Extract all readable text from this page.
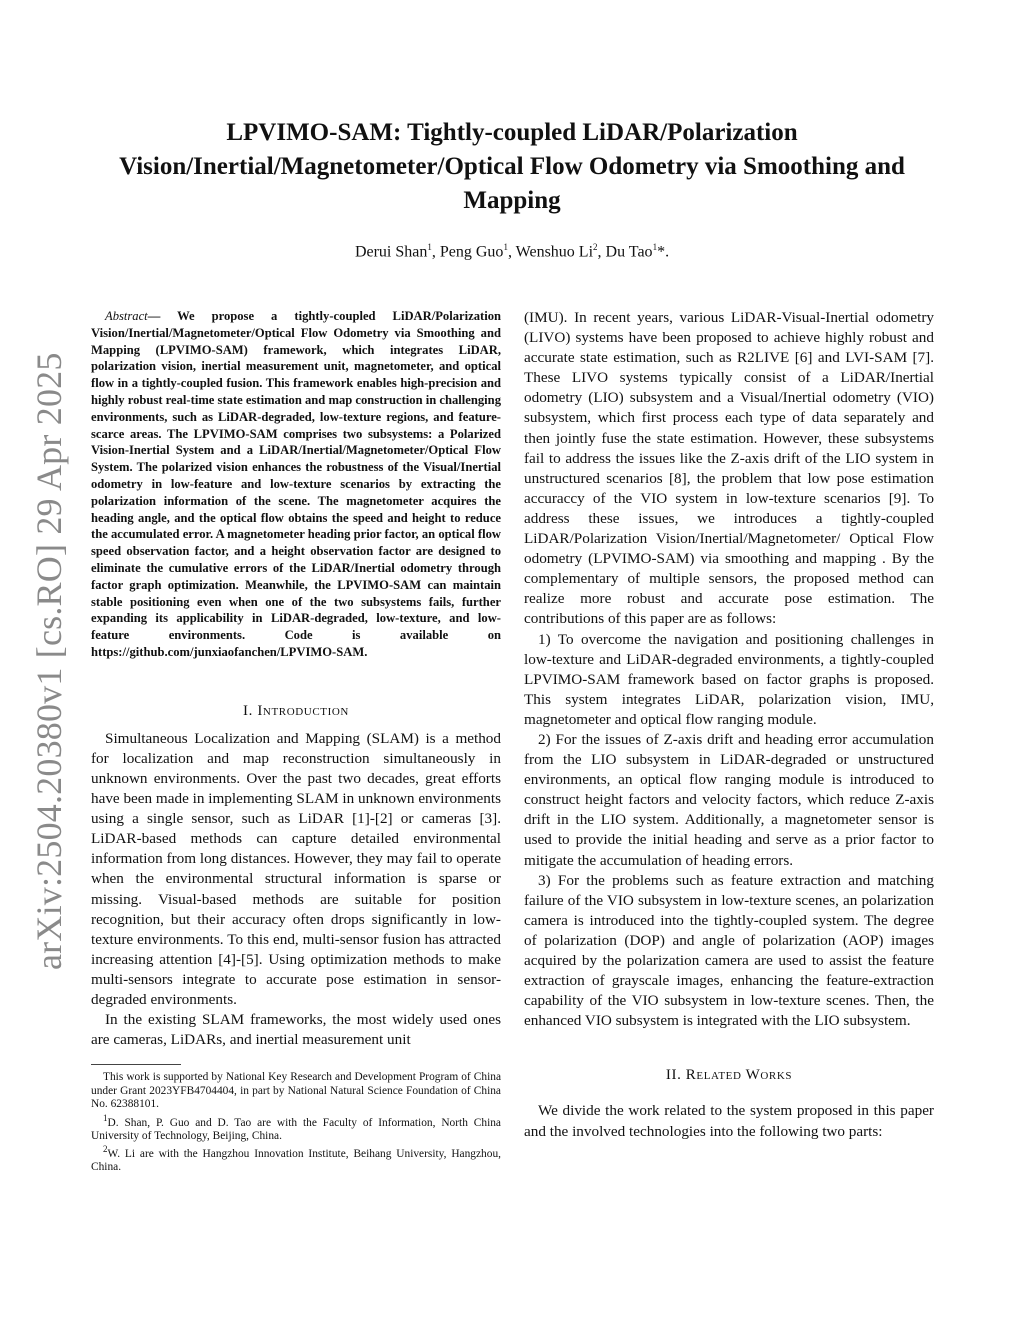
arXiv:2504.20380v1 [cs.RO] 29 Apr 2025
LPVIMO-SAM: Tightly-coupled LiDAR/Polarization Vision/Inertial/Magnetometer/Optical Flow Odometry via Smoothing and Mapping
Derui Shan$^1$, Peng Guo$^1$, Wenshuo Li$^2$, Du Tao$^1$*.

Abstract— We propose a tightly-coupled LiDAR/Polarization Vision/Inertial/Magnetometer/Optical Flow Odometry via Smoothing and Mapping (LPVIMO-SAM) framework, which integrates LiDAR, polarization vision, inertial measurement unit, magnetometer, and optical flow in a tightly-coupled fusion. This framework enables high-precision and highly robust real-time state estimation and map construction in challenging environments, such as LiDAR-degraded, low-texture regions, and feature-scarce areas. The LPVIMO-SAM comprises two subsystems: a Polarized Vision-Inertial System and a LiDAR/Inertial/Magnetometer/Optical Flow System. The polarized vision enhances the robustness of the Visual/Inertial odometry in low-feature and low-texture scenarios by extracting the polarization information of the scene. The magnetometer acquires the heading angle, and the optical flow obtains the speed and height to reduce the accumulated error. A magnetometer heading prior factor, an optical flow speed observation factor, and a height observation factor are designed to eliminate the cumulative errors of the LiDAR/Inertial odometry through factor graph optimization. Meanwhile, the LPVIMO-SAM can maintain stable positioning even when one of the two subsystems fails, further expanding its applicability in LiDAR-degraded, low-texture, and low-feature environments. Code is available on https://github.com/junxiaofanchen/LPVIMO-SAM.

I. Introduction

Simultaneous Localization and Mapping (SLAM) is a method for localization and map reconstruction simultaneously in unknown environments. Over the past two decades, great efforts have been made in implementing SLAM in unknown environments using a single sensor, such as LiDAR [1]-[2] or cameras [3]. LiDAR-based methods can capture detailed environmental information from long distances. However, they may fail to operate when the environmental structural information is sparse or missing. Visual-based methods are suitable for position recognition, but their accuracy often drops significantly in low-texture environments. To this end, multi-sensor fusion has attracted increasing attention [4]-[5]. Using optimization methods to make multi-sensors integrate to accurate pose estimation in sensor-degraded environments.

In the existing SLAM frameworks, the most widely used ones are cameras, LiDARs, and inertial measurement unit

This work is supported by National Key Research and Development Program of China under Grant 2023YFB4704404, in part by National Natural Science Foundation of China No. 62388101.

$^1$D. Shan, P. Guo and D. Tao are with the Faculty of Information, North China University of Technology, Beijing, China.

$^2$W. Li are with the Hangzhou Innovation Institute, Beihang University, Hangzhou, China.

(IMU). In recent years, various LiDAR-Visual-Inertial odometry (LIVO) systems have been proposed to achieve highly robust and accurate state estimation, such as R2LIVE [6] and LVI-SAM [7]. These LIVO systems typically consist of a LiDAR/Inertial odometry (LIO) subsystem and a Visual/Inertial odometry (VIO) subsystem, which first process each type of data separately and then jointly fuse the state estimation. However, these subsystems fail to address the issues like the Z-axis drift of the LIO system in unstructured scenarios [8], the problem that low pose estimation accuraccy of the VIO system in low-texture scenarios [9]. To address these issues, we introduces a tightly-coupled LiDAR/Polarization Vision/Inertial/Magnetometer/ Optical Flow odometry (LPVIMO-SAM) via smoothing and mapping . By the complementary of multiple sensors, the proposed method can realize more robust and accurate pose estimation. The contributions of this paper are as follows:

1) To overcome the navigation and positioning challenges in low-texture and LiDAR-degraded environments, a tightly-coupled LPVIMO-SAM framework based on factor graphs is proposed. This system integrates LiDAR, polarization vision, IMU, magnetometer and optical flow ranging module.

2) For the issues of Z-axis drift and heading error accumulation from the LIO subsystem in LiDAR-degraded or unstructured environments, an optical flow ranging module is introduced to construct height factors and velocity factors, which reduce Z-axis drift in the LIO system. Additionally, a magnetometer sensor is used to provide the initial heading and serve as a prior factor to mitigate the accumulation of heading errors.

3) For the problems such as feature extraction and matching failure of the VIO subsystem in low-texture scenes, an polarization camera is introduced into the tightly-coupled system. The degree of polarization (DOP) and angle of polarization (AOP) images acquired by the polarization camera are used to assist the feature extraction of grayscale images, enhancing the feature-extraction capability of the VIO subsystem in low-texture scenes. Then, the enhanced VIO subsystem is integrated with the LIO subsystem.

II. Related Works

We divide the work related to the system proposed in this paper and the involved technologies into the following two parts:
